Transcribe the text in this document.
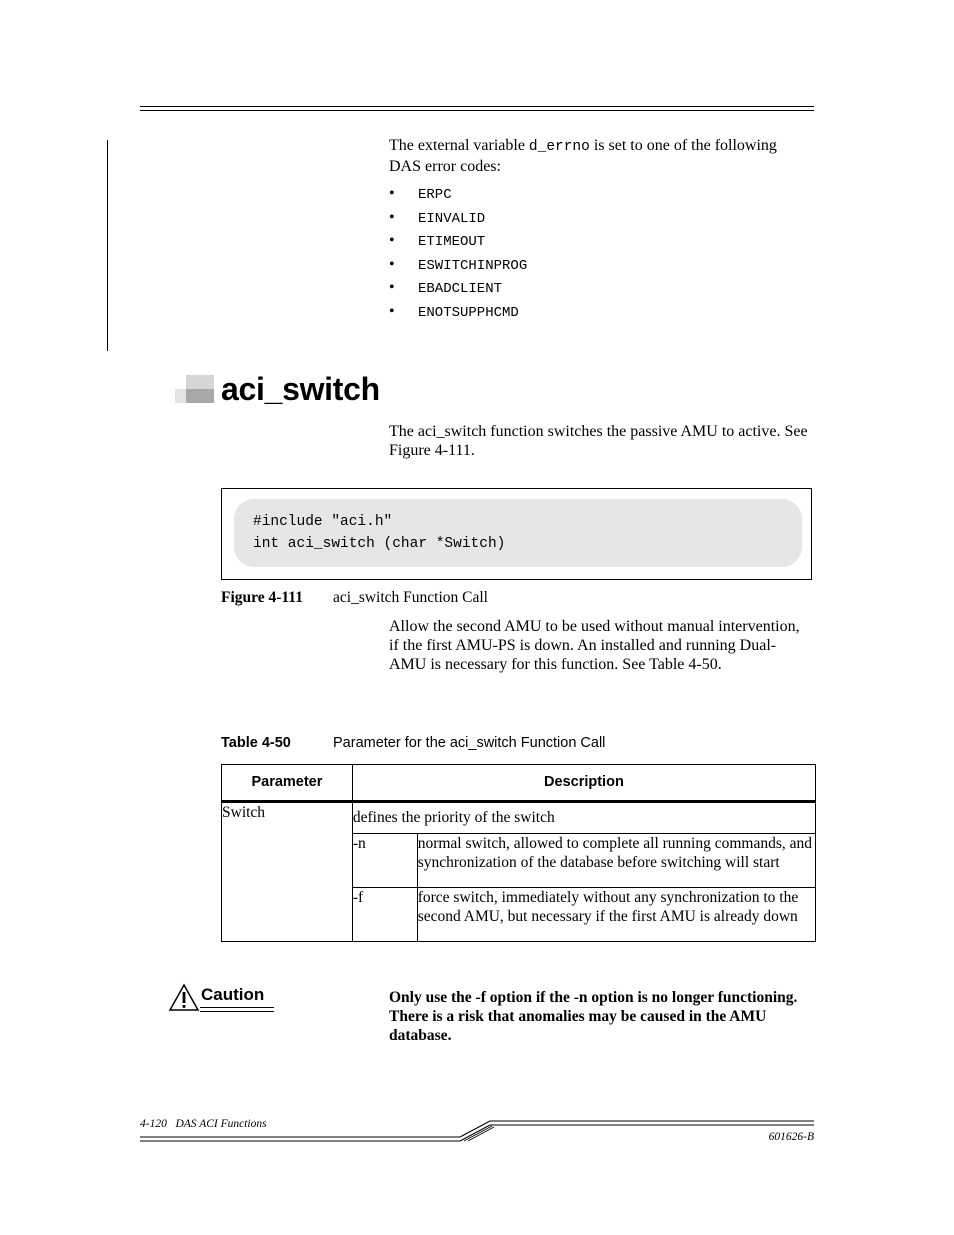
The external variable d_errno is set to one of the following DAS error codes:
• ERPC
• EINVALID
• ETIMEOUT
• ESWITCHINPROG
• EBADCLIENT
• ENOTSUPPHCMD
aci_switch
The aci_switch function switches the passive AMU to active. See Figure 4-111.
#include "aci.h"
int aci_switch (char *Switch)
Figure 4-111 aci_switch Function Call
Allow the second AMU to be used without manual intervention, if the first AMU-PS is down. An installed and running Dual-AMU is necessary for this function. See Table 4-50.
Table 4-50	Parameter for the aci_switch Function Call
Parameter	Description	
Switch	defines the priority of the switch	
	-n	normal switch, allowed to complete all running commands, and synchronization of the database before switching will start
	-f	force switch, immediately without any synchronization to the second AMU, but necessary if the first AMU is already down
Caution	Only use the -f option if the -n option is no longer functioning. There is a risk that anomalies may be caused in the AMU database.
4-120   DAS ACI Functions
601626-B
